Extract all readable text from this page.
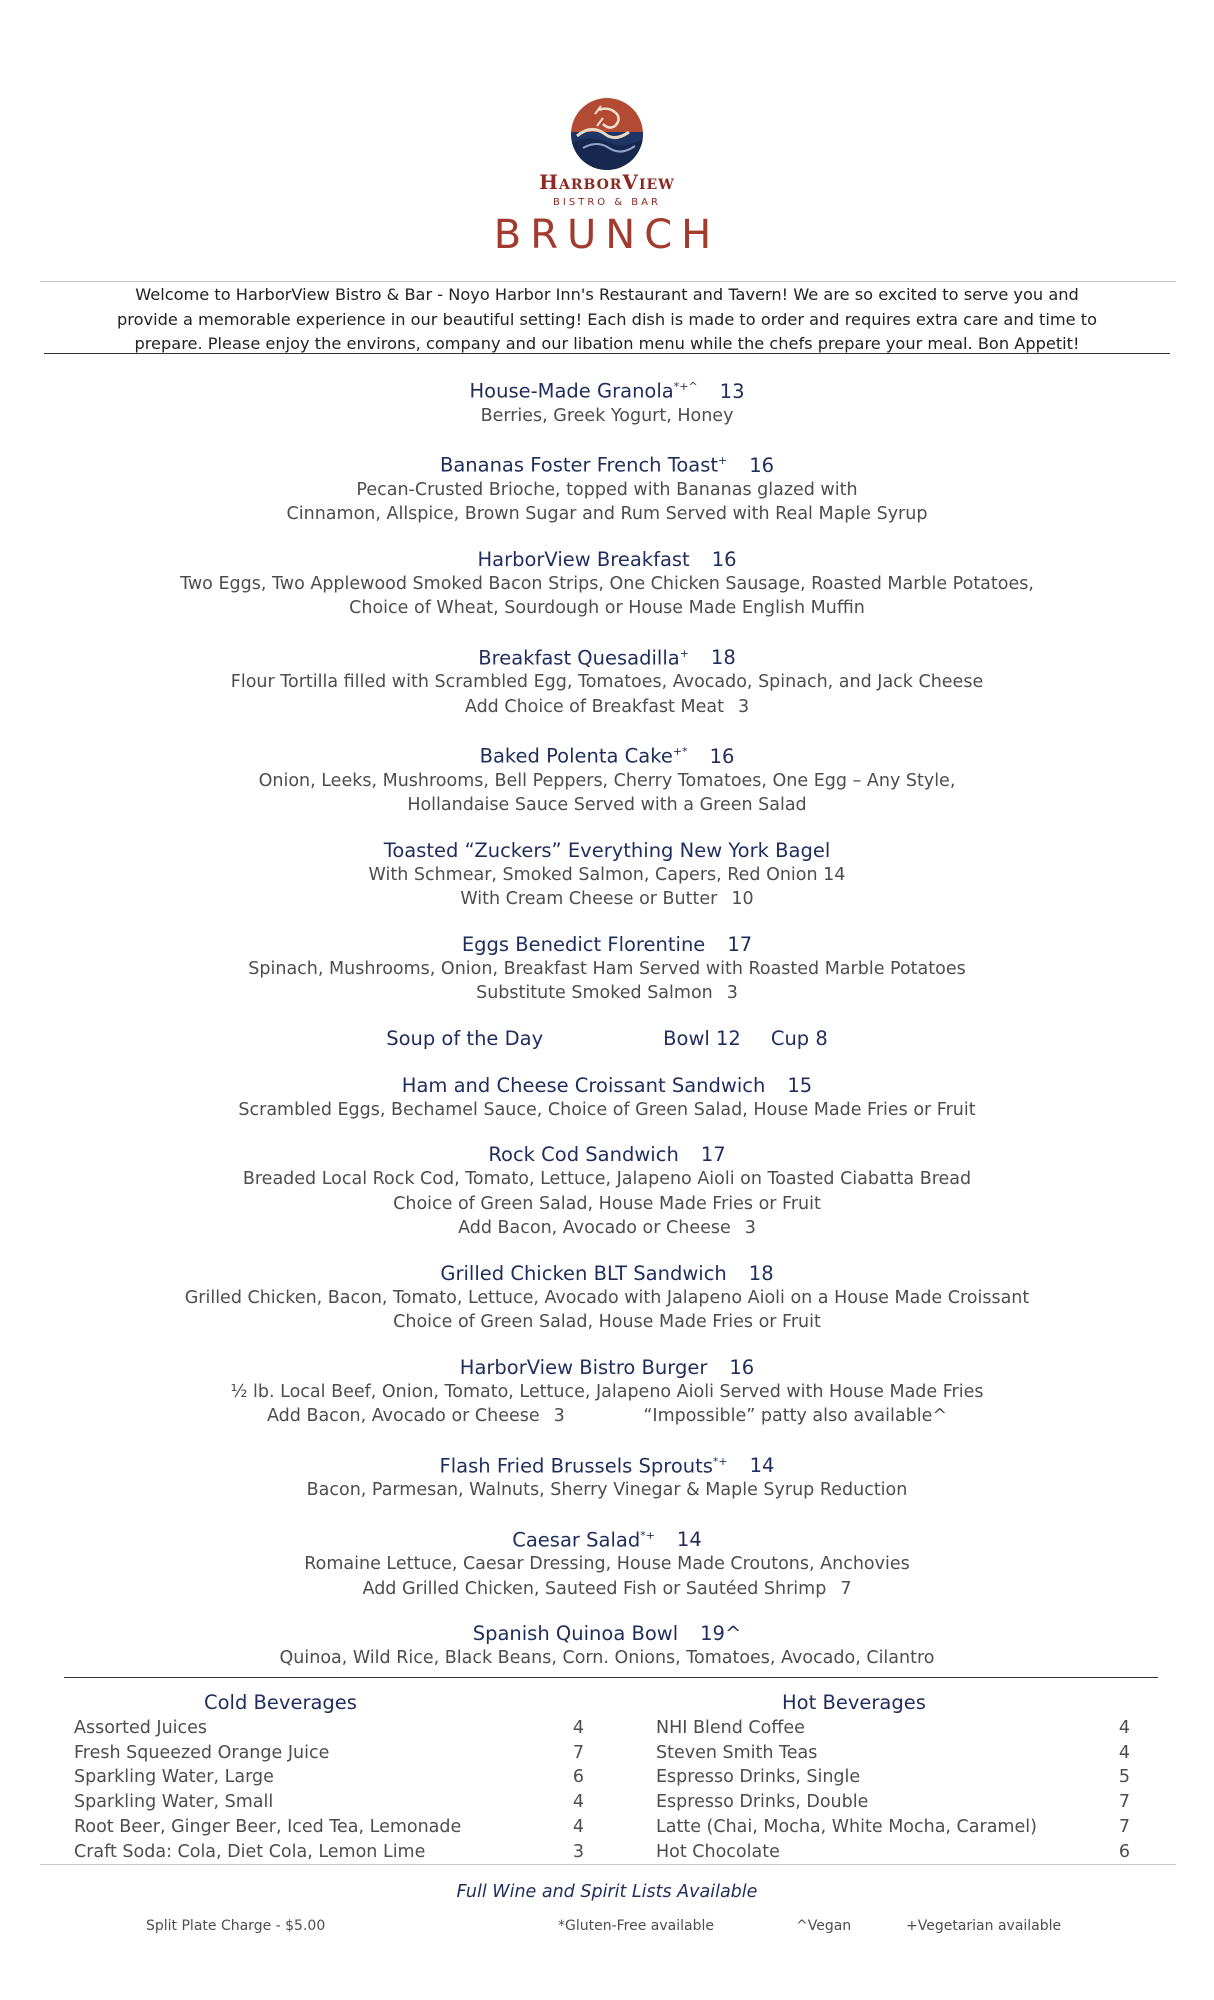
HarborView
BISTRO & BAR
BRUNCH
Welcome to HarborView Bistro & Bar - Noyo Harbor Inn's Restaurant and Tavern! We are so excited to serve you and
provide a memorable experience in our beautiful setting! Each dish is made to order and requires extra care and time to
prepare. Please enjoy the environs, company and our libation menu while the chefs prepare your meal. Bon Appetit!
House-Made Granola*+^ 13
Berries, Greek Yogurt, Honey
Bananas Foster French Toast+ 16
Pecan-Crusted Brioche, topped with Bananas glazed with
Cinnamon, Allspice, Brown Sugar and Rum Served with Real Maple Syrup
HarborView Breakfast 16
Two Eggs, Two Applewood Smoked Bacon Strips, One Chicken Sausage, Roasted Marble Potatoes,
Choice of Wheat, Sourdough or House Made English Muffin
Breakfast Quesadilla+ 18
Flour Tortilla filled with Scrambled Egg, Tomatoes, Avocado, Spinach, and Jack Cheese
Add Choice of Breakfast Meat 3
Baked Polenta Cake+* 16
Onion, Leeks, Mushrooms, Bell Peppers, Cherry Tomatoes, One Egg – Any Style,
Hollandaise Sauce Served with a Green Salad
Toasted “Zuckers” Everything New York Bagel
With Schmear, Smoked Salmon, Capers, Red Onion 14
With Cream Cheese or Butter 10
Eggs Benedict Florentine 17
Spinach, Mushrooms, Onion, Breakfast Ham Served with Roasted Marble Potatoes
Substitute Smoked Salmon 3
Soup of the Day	Bowl 12 Cup 8
Ham and Cheese Croissant Sandwich 15
Scrambled Eggs, Bechamel Sauce, Choice of Green Salad, House Made Fries or Fruit
Rock Cod Sandwich 17
Breaded Local Rock Cod, Tomato, Lettuce, Jalapeno Aioli on Toasted Ciabatta Bread
Choice of Green Salad, House Made Fries or Fruit
Add Bacon, Avocado or Cheese 3
Grilled Chicken BLT Sandwich 18
Grilled Chicken, Bacon, Tomato, Lettuce, Avocado with Jalapeno Aioli on a House Made Croissant
Choice of Green Salad, House Made Fries or Fruit
HarborView Bistro Burger 16
½ lb. Local Beef, Onion, Tomato, Lettuce, Jalapeno Aioli Served with House Made Fries
Add Bacon, Avocado or Cheese 3	“Impossible” patty also available^
Flash Fried Brussels Sprouts*+ 14
Bacon, Parmesan, Walnuts, Sherry Vinegar & Maple Syrup Reduction
Caesar Salad*+ 14
Romaine Lettuce, Caesar Dressing, House Made Croutons, Anchovies
Add Grilled Chicken, Sauteed Fish or Sautéed Shrimp 7
Spanish Quinoa Bowl 19^
Quinoa, Wild Rice, Black Beans, Corn. Onions, Tomatoes, Avocado, Cilantro
Cold Beverages
Assorted Juices	4
Fresh Squeezed Orange Juice	7
Sparkling Water, Large	6
Sparkling Water, Small	4
Root Beer, Ginger Beer, Iced Tea, Lemonade	4
Craft Soda: Cola, Diet Cola, Lemon Lime	3
Hot Beverages
NHI Blend Coffee	4
Steven Smith Teas	4
Espresso Drinks, Single	5
Espresso Drinks, Double	7
Latte (Chai, Mocha, White Mocha, Caramel)	7
Hot Chocolate	6
Full Wine and Spirit Lists Available
Split Plate Charge - $5.00	*Gluten-Free available	^Vegan	+Vegetarian available
